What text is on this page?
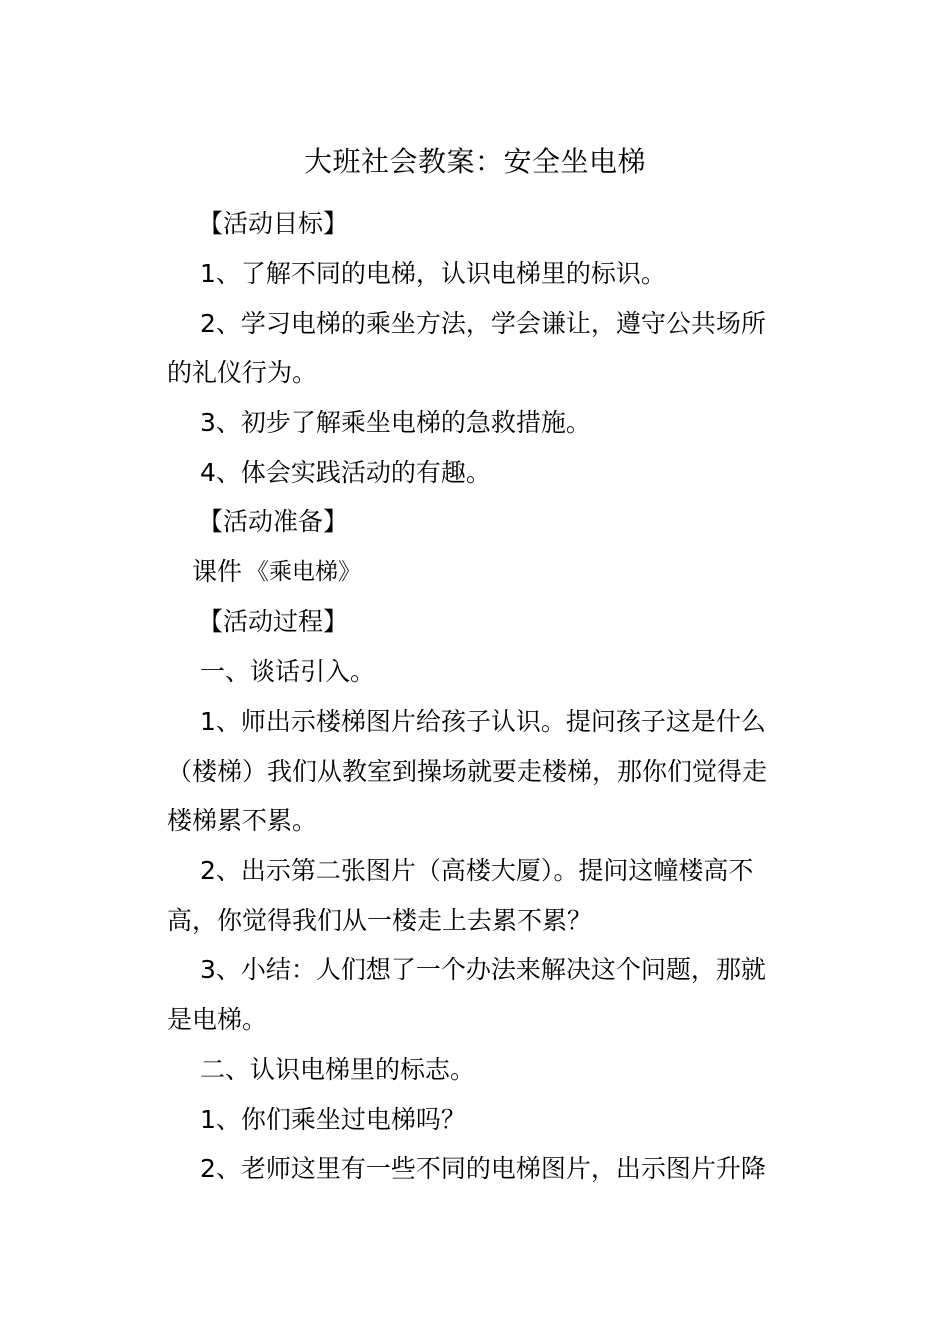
大班社会教案：安全坐电梯
【活动目标】
1、了解不同的电梯，认识电梯里的标识。
2、学习电梯的乘坐方法，学会谦让，遵守公共场所
的礼仪行为。
3、初步了解乘坐电梯的急救措施。
4、体会实践活动的有趣。
【活动准备】
课件 《乘电梯》
【活动过程】
一、谈话引入。
1、师出示楼梯图片给孩子认识。提问孩子这是什么
（楼梯）我们从教室到操场就要走楼梯，那你们觉得走
楼梯累不累。
2、出示第二张图片（高楼大厦）。提问这幢楼高不
高，你觉得我们从一楼走上去累不累？
3、小结：人们想了一个办法来解决这个问题，那就
是电梯。
二、认识电梯里的标志。
1、你们乘坐过电梯吗？
2、老师这里有一些不同的电梯图片，出示图片升降
